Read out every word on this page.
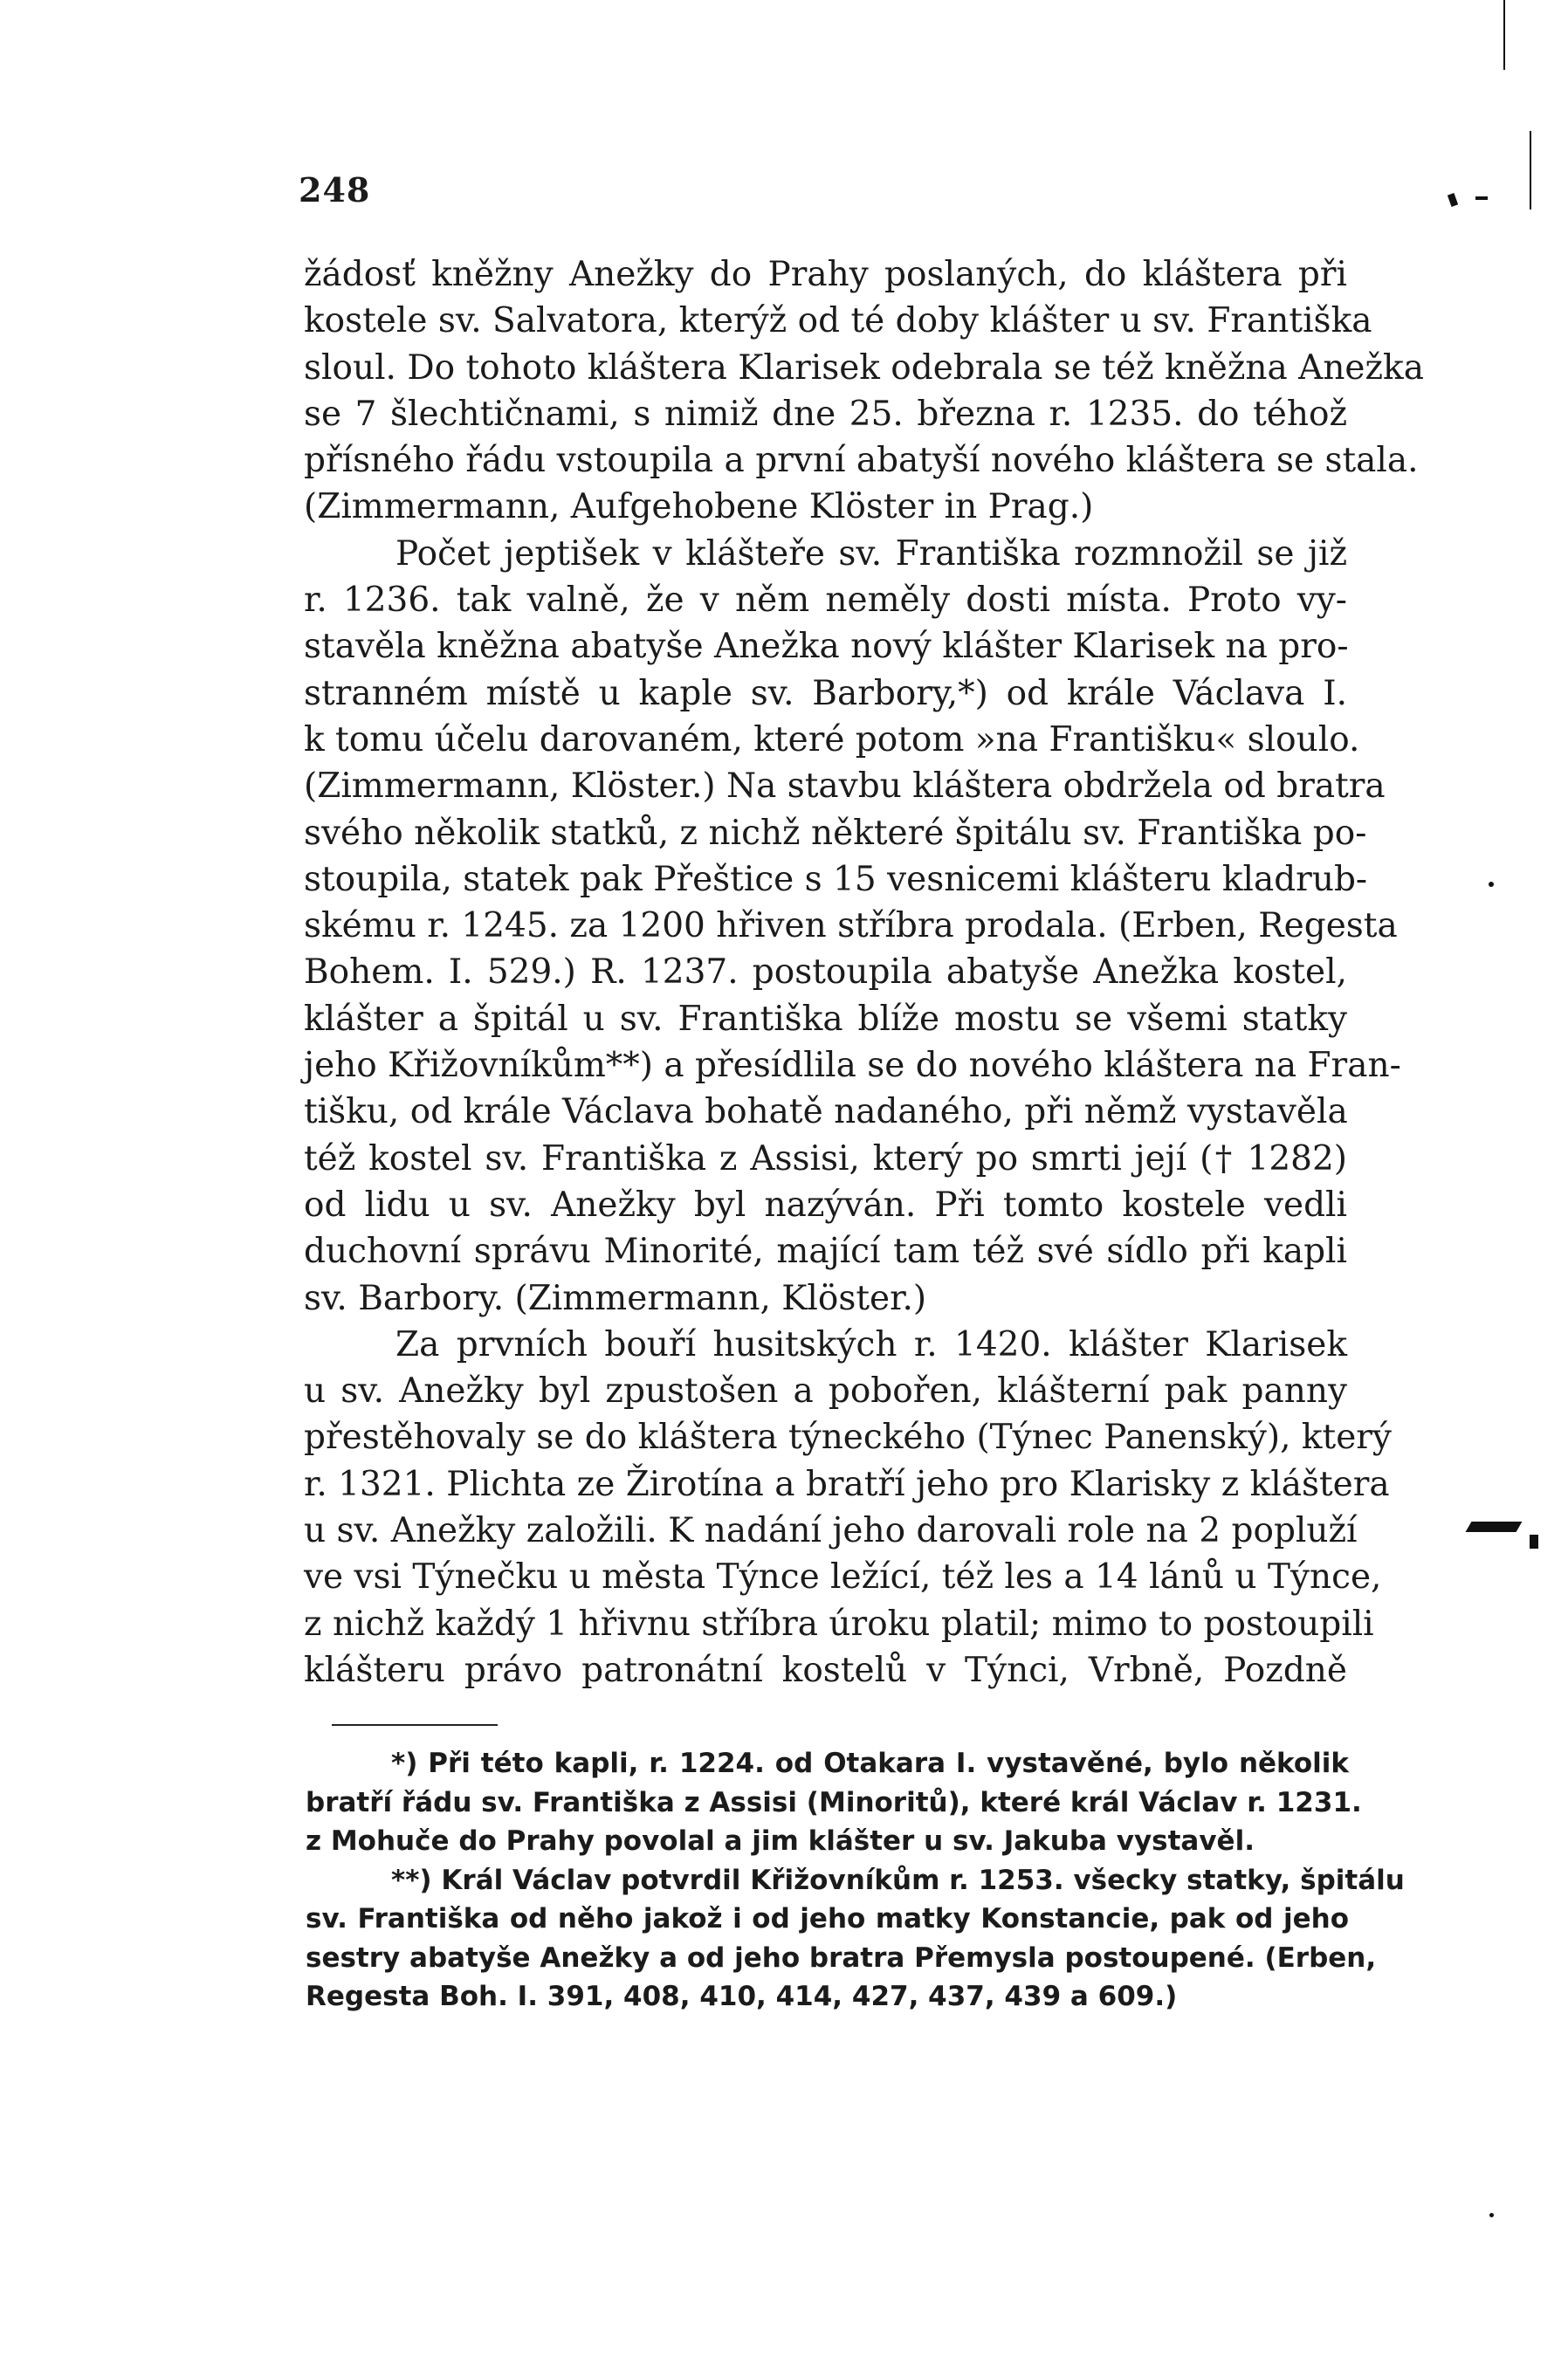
248
žádosť kněžny Anežky do Prahy poslaných, do kláštera při
kostele sv. Salvatora, kterýž od té doby klášter u sv. Františka
sloul. Do tohoto kláštera Klarisek odebrala se též kněžna Anežka
se 7 šlechtičnami, s nimiž dne 25. března r. 1235. do téhož
přísného řádu vstoupila a první abatyší nového kláštera se stala.
(Zimmermann, Aufgehobene Klöster in Prag.)
Počet jeptišek v klášteře sv. Františka rozmnožil se již
r. 1236. tak valně, že v něm neměly dosti místa. Proto vy-
stavěla kněžna abatyše Anežka nový klášter Klarisek na pro-
stranném místě u kaple sv. Barbory,*) od krále Václava I.
k tomu účelu darovaném, které potom »na Františku« sloulo.
(Zimmermann, Klöster.) Na stavbu kláštera obdržela od bratra
svého několik statků, z nichž některé špitálu sv. Františka po-
stoupila, statek pak Přeštice s 15 vesnicemi klášteru kladrub-
skému r. 1245. za 1200 hřiven stříbra prodala. (Erben, Regesta
Bohem. I. 529.) R. 1237. postoupila abatyše Anežka kostel,
klášter a špitál u sv. Františka blíže mostu se všemi statky
jeho Křižovníkům**) a přesídlila se do nového kláštera na Fran-
tišku, od krále Václava bohatě nadaného, při němž vystavěla
též kostel sv. Františka z Assisi, který po smrti její († 1282)
od lidu u sv. Anežky byl nazýván. Při tomto kostele vedli
duchovní správu Minorité, mající tam též své sídlo při kapli
sv. Barbory. (Zimmermann, Klöster.)
Za prvních bouří husitských r. 1420. klášter Klarisek
u sv. Anežky byl zpustošen a pobořen, klášterní pak panny
přestěhovaly se do kláštera týneckého (Týnec Panenský), který
r. 1321. Plichta ze Žirotína a bratří jeho pro Klarisky z kláštera
u sv. Anežky založili. K nadání jeho darovali role na 2 popluží
ve vsi Týnečku u města Týnce ležící, též les a 14 lánů u Týnce,
z nichž každý 1 hřivnu stříbra úroku platil; mimo to postoupili
klášteru právo patronátní kostelů v Týnci, Vrbně, Pozdně
*) Při této kapli, r. 1224. od Otakara I. vystavěné, bylo několik
bratří řádu sv. Františka z Assisi (Minoritů), které král Václav r. 1231.
z Mohuče do Prahy povolal a jim klášter u sv. Jakuba vystavěl.
**) Král Václav potvrdil Křižovníkům r. 1253. všecky statky, špitálu
sv. Františka od něho jakož i od jeho matky Konstancie, pak od jeho
sestry abatyše Anežky a od jeho bratra Přemysla postoupené. (Erben,
Regesta Boh. I. 391, 408, 410, 414, 427, 437, 439 a 609.)
